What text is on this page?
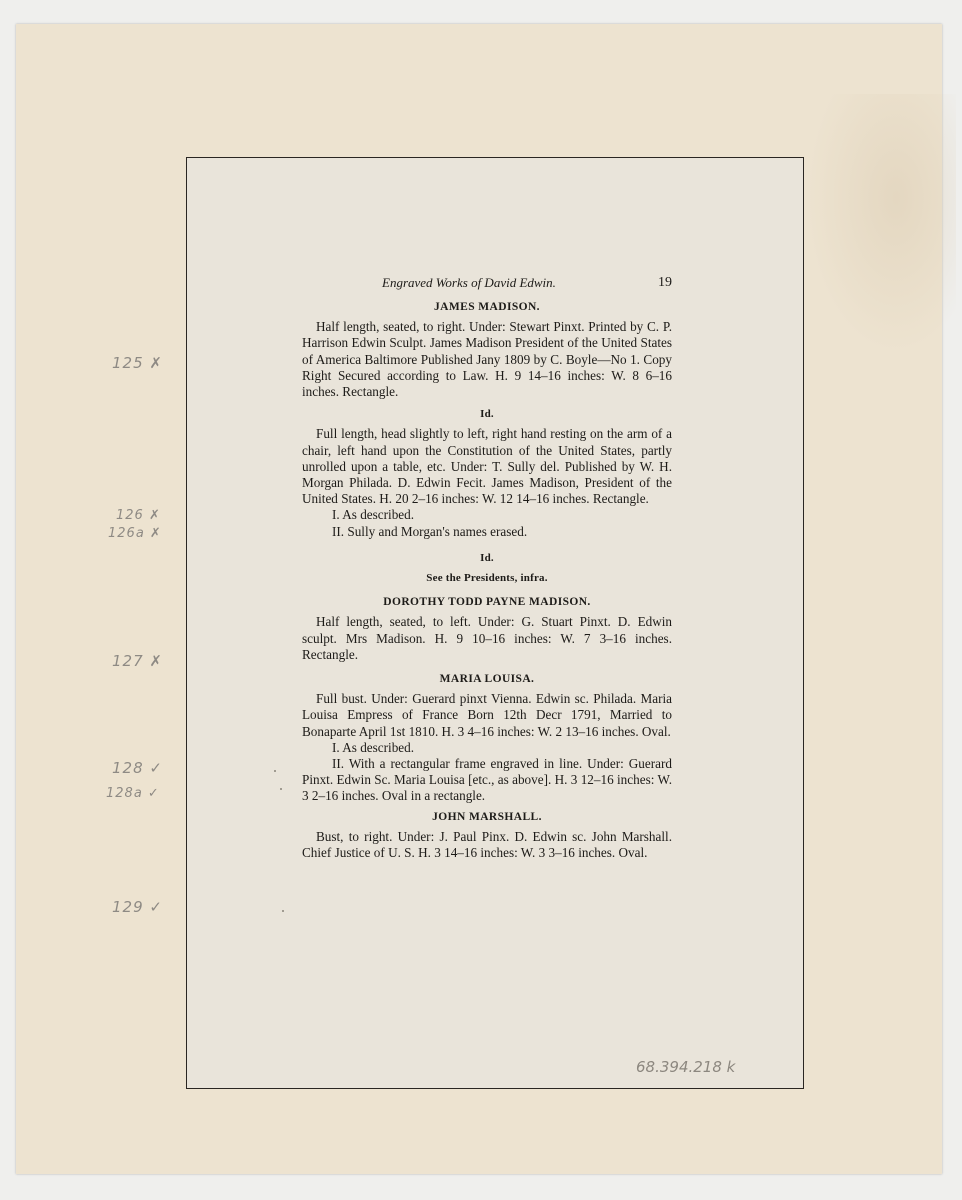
Engraved Works of David Edwin.	19
JAMES MADISON.

Half length, seated, to right. Under: Stewart Pinxt. Printed by C. P. Harrison Edwin Sculpt. James Madison President of the United States of America Baltimore Published Jany 1809 by C. Boyle—No 1. Copy Right Secured according to Law. H. 9 14–16 inches: W. 8 6–16 inches. Rectangle.

Id.

Full length, head slightly to left, right hand resting on the arm of a chair, left hand upon the Constitution of the United States, partly unrolled upon a table, etc. Under: T. Sully del. Published by W. H. Morgan Philada. D. Edwin Fecit. James Madison, President of the United States. H. 20 2–16 inches: W. 12 14–16 inches. Rectangle.

I. As described.

II. Sully and Morgan's names erased.

Id.
See the Presidents, infra.
DOROTHY TODD PAYNE MADISON.

Half length, seated, to left. Under: G. Stuart Pinxt. D. Edwin sculpt. Mrs Madison. H. 9 10–16 inches: W. 7 3–16 inches. Rectangle.

MARIA LOUISA.

Full bust. Under: Guerard pinxt Vienna. Edwin sc. Philada. Maria Louisa Empress of France Born 12th Decr 1791, Married to Bonaparte April 1st 1810. H. 3 4–16 inches: W. 2 13–16 inches. Oval.

I. As described.

II. With a rectangular frame engraved in line. Under: Guerard Pinxt. Edwin Sc. Maria Louisa [etc., as above]. H. 3 12–16 inches: W. 3 2–16 inches. Oval in a rectangle.

JOHN MARSHALL.

Bust, to right. Under: J. Paul Pinx. D. Edwin sc. John Marshall. Chief Justice of U. S. H. 3 14–16 inches: W. 3 3–16 inches. Oval.

125 ✗
126 ✗
126a ✗
127 ✗
128 ✓
128a ✓
129 ✓
68.394.218 k
